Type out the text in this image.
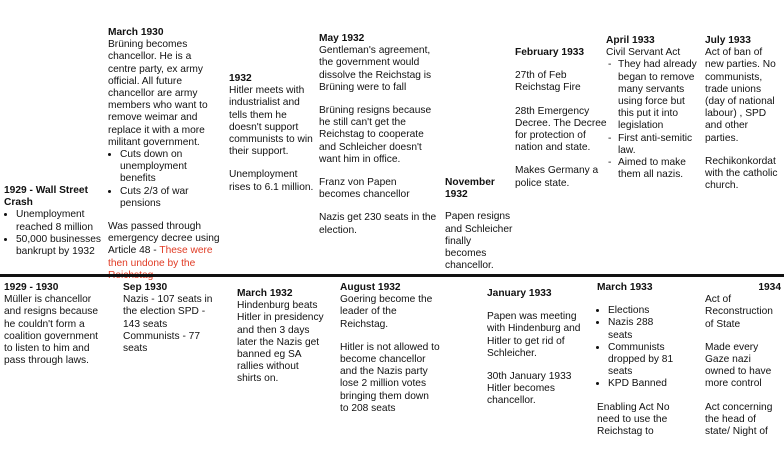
1929 - Wall Street Crash
• Unemployment reached 8 million
• 50,000 businesses bankrupt by 1932
March 1930
Brüning becomes chancellor. He is a centre party, ex army official. All future chancellor are army members who want to remove weimar and replace it with a more militant government.
• Cuts down on unemployment benefits
• Cuts 2/3 of war pensions
Was passed through emergency decree using Article 48 - These were then undone by the
1932
Hitler meets with industrialist and tells them he doesn't support communists to win their support.
Unemployment rises to 6.1 million.
May 1932
Gentleman's agreement, the government would dissolve the Reichstag is Brüning were to fall
Brüning resigns because he still can't get the Reichstag to cooperate and Schleicher doesn't want him in office.
Franz von Papen becomes chancellor
Nazis get 230 seats in the election.
November 1932
Papen resigns and Schleicher finally becomes chancellor.
February 1933
27th of Feb Reichstag Fire
28th Emergency Decree. The Decree for protection of nation and state.
Makes Germany a police state.
April 1933
Civil Servant Act
- They had already began to remove many servants using force but this put it into legislation
- First anti-semitic law.
- Aimed to make them all nazis.
July 1933
Act of ban of new parties. No communists, trade unions (day of national labour) , SPD and other parties.
Rechikonkordat with the catholic church.
1929 - 1930
Müller is chancellor and resigns because he couldn't form a coalition government to listen to him and pass through laws.
Sep 1930
Nazis - 107 seats in the election SPD - 143 seats Communists - 77 seats
March 1932
Hindenburg beats Hitler in presidency and then 3 days later the Nazis get banned eg SA rallies without shirts on.
August 1932
Goering become the leader of the Reichstag.
Hitler is not allowed to become chancellor and the Nazis party lose 2 million votes bringing them down to 208 seats
January 1933
Papen was meeting with Hindenburg and Hitler to get rid of Schleicher.
30th January 1933 Hitler becomes chancellor.
March 1933
• Elections
• Nazis 288 seats
• Communists dropped by 81 seats
• KPD Banned
Enabling Act No need to use the Reichstag to
1934
Act of Reconstruction of State
Made every Gaze nazi owned to have more control
Act concerning the head of state/ Night of
